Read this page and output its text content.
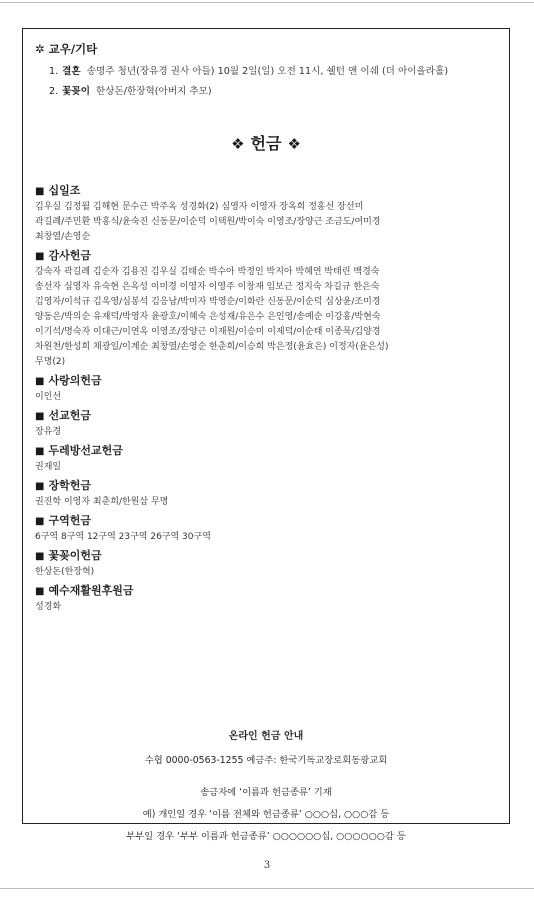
✲ 교우/기타
1. 결혼 송명주 청년(장유경 권사 아들) 10월 2일(일) 오전 11시, 쉘턴 앤 이쉐 (더 아이올라홀)
2. 꽃꽂이 한상돈/한장혁(아버지 추모)
❖ 헌금 ❖
■ 십일조
김우실 김정월 김해현 문수근 박주옥 성경화(2) 심영자 이영자 장옥희 정홍선 장선미
곽길례/주민환 박홍식/윤숙진 신동문/이순덕 이택원/박이숙 이영조/장양근 조금도/여미경
최창열/손영순
■ 감사헌금
강숙자 곽길례 김순자 김용진 김우실 김태순 박수아 박정인 박지아 박혜연 박태린 백경숙
송선자 심영자 유숙현 은옥성 이미경 이영자 이영주 이창재 임보근 정지숙 차길규 한은숙
김영자/이석규 김옥영/심봉석 김응남/박미자 박영순/이화란 신동문/이순덕 심상윤/조미경
양동은/박의순 유재덕/박영자 윤광호/이혜숙 은성재/유은수 은인영/송예순 이강홍/박현숙
이기석/명숙자 이대근/이연옥 이영조/장양근 이재원/이승미 이제덕/이순태 이종묵/김양경
차원천/한성희 채광일/이계순 최창열/손영순 한춘희/이승희 박은정(윤효은) 이정자(윤은성)
무명(2)
■ 사랑의헌금
이인선
■ 선교헌금
장유경
■ 두레방선교헌금
권재일
■ 장학헌금
권진학 이영자 최춘희/한원삼 무명
■ 구역헌금
6구역 8구역 12구역 23구역 26구역 30구역
■ 꽃꽂이헌금
한상돈(한장혁)
■ 예수재활원후원금
성경화
온라인 헌금 안내
수협 0000-0563-1255 예금주: 한국기독교장로회동광교회
송금자에 ‘이름과 헌금종류’ 기재
예) 개인일 경우 ‘이름 전체와 헌금종류’ ○○○십, ○○○감 등
부부일 경우 ‘부부 이름과 헌금종류’ ○○○○○○십, ○○○○○○감 등
3
